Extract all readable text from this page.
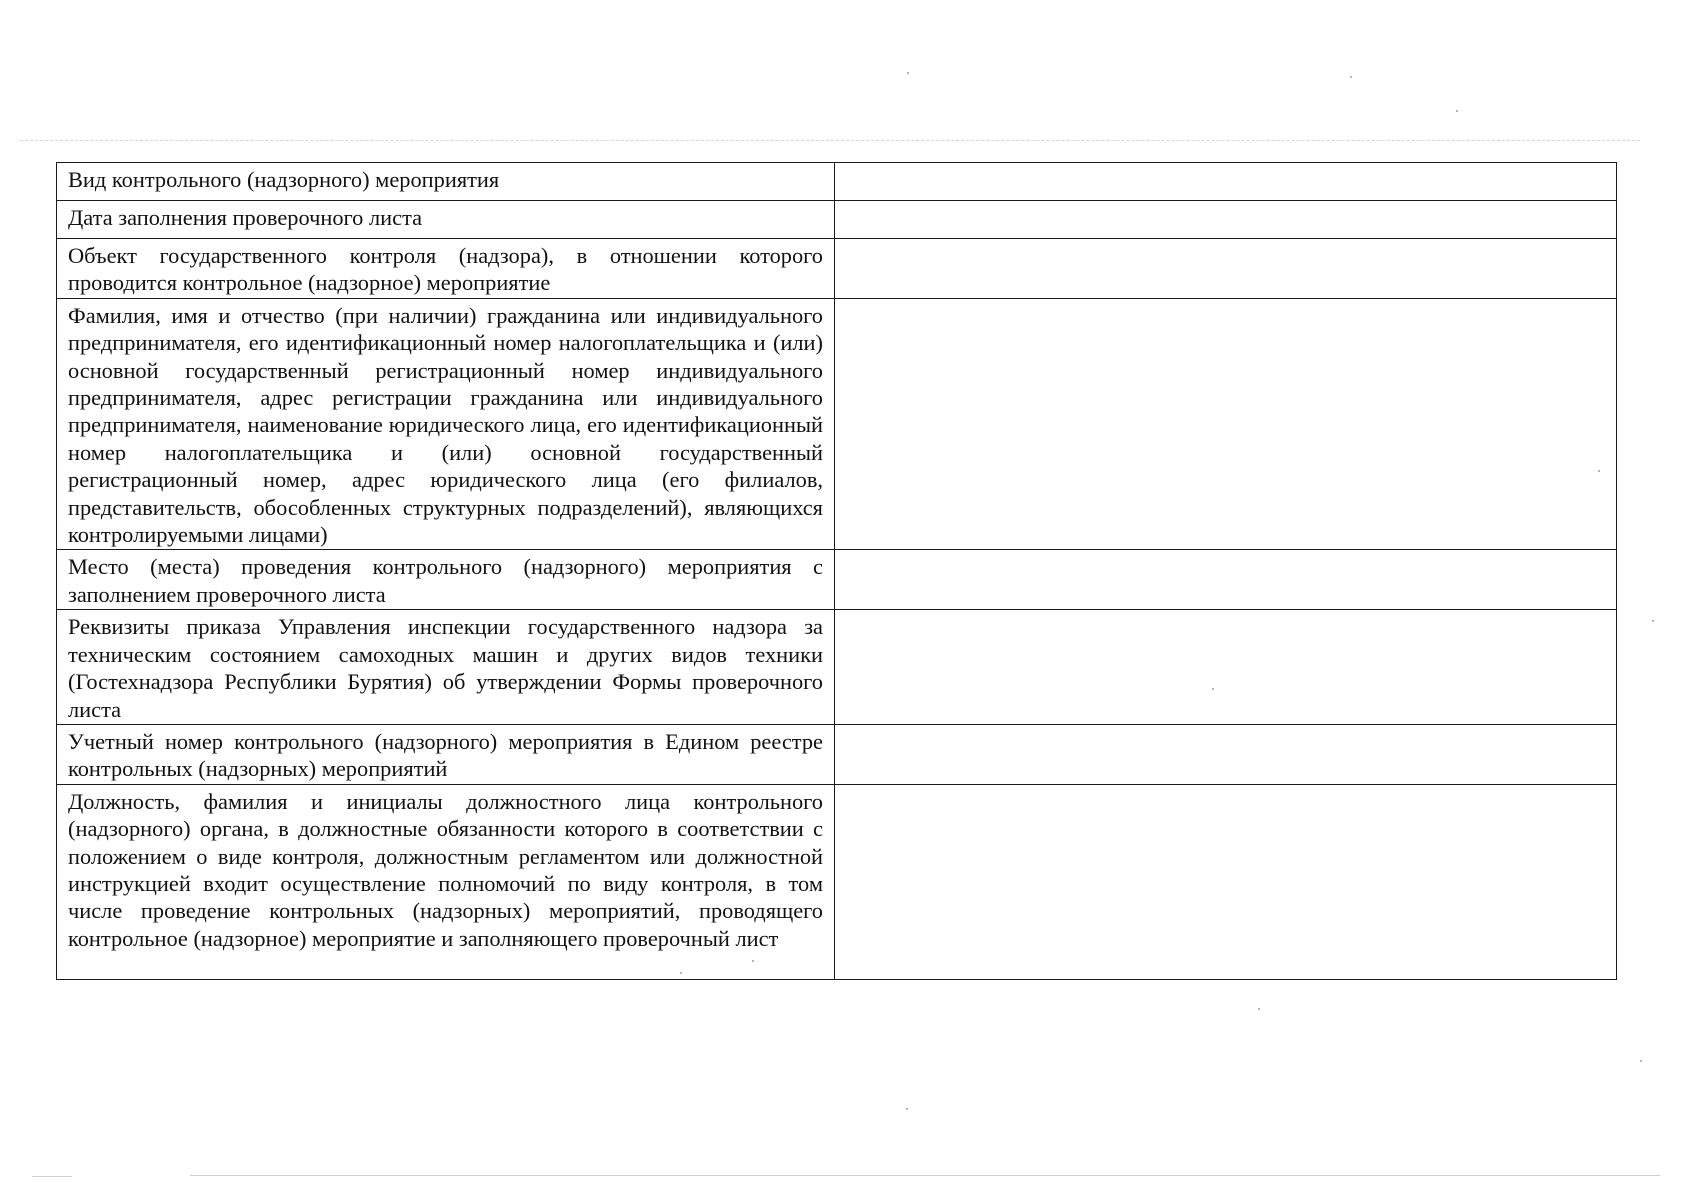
Вид контрольного (надзорного) мероприятия	
Дата заполнения проверочного листа	
Объект государственного контроля (надзора), в отношении которого проводится контрольное (надзорное) мероприятие	
Фамилия, имя и отчество (при наличии) гражданина или индивидуального предпринимателя, его идентификационный номер налогоплательщика и (или) основной государственный регистрационный номер индивидуального предпринимателя, адрес регистрации гражданина или индивидуального предпринимателя, наименование юридического лица, его идентификационный номер налогоплательщика и (или) основной государственный регистрационный номер, адрес юридического лица (его филиалов, представительств, обособленных структурных подразделений), являющихся контролируемыми лицами)	
Место (места) проведения контрольного (надзорного) мероприятия с заполнением проверочного листа	
Реквизиты приказа Управления инспекции государственного надзора за техническим состоянием самоходных машин и других видов техники (Гостехнадзора Республики Бурятия) об утверждении Формы проверочного листа	
Учетный номер контрольного (надзорного) мероприятия в Едином реестре контрольных (надзорных) мероприятий	
Должность, фамилия и инициалы должностного лица контрольного (надзорного) органа, в должностные обязанности которого в соответствии с положением о виде контроля, должностным регламентом или должностной инструкцией входит осуществление полномочий по виду контроля, в том числе проведение контрольных (надзорных) мероприятий, проводящего контрольное (надзорное) мероприятие и заполняющего проверочный лист	
